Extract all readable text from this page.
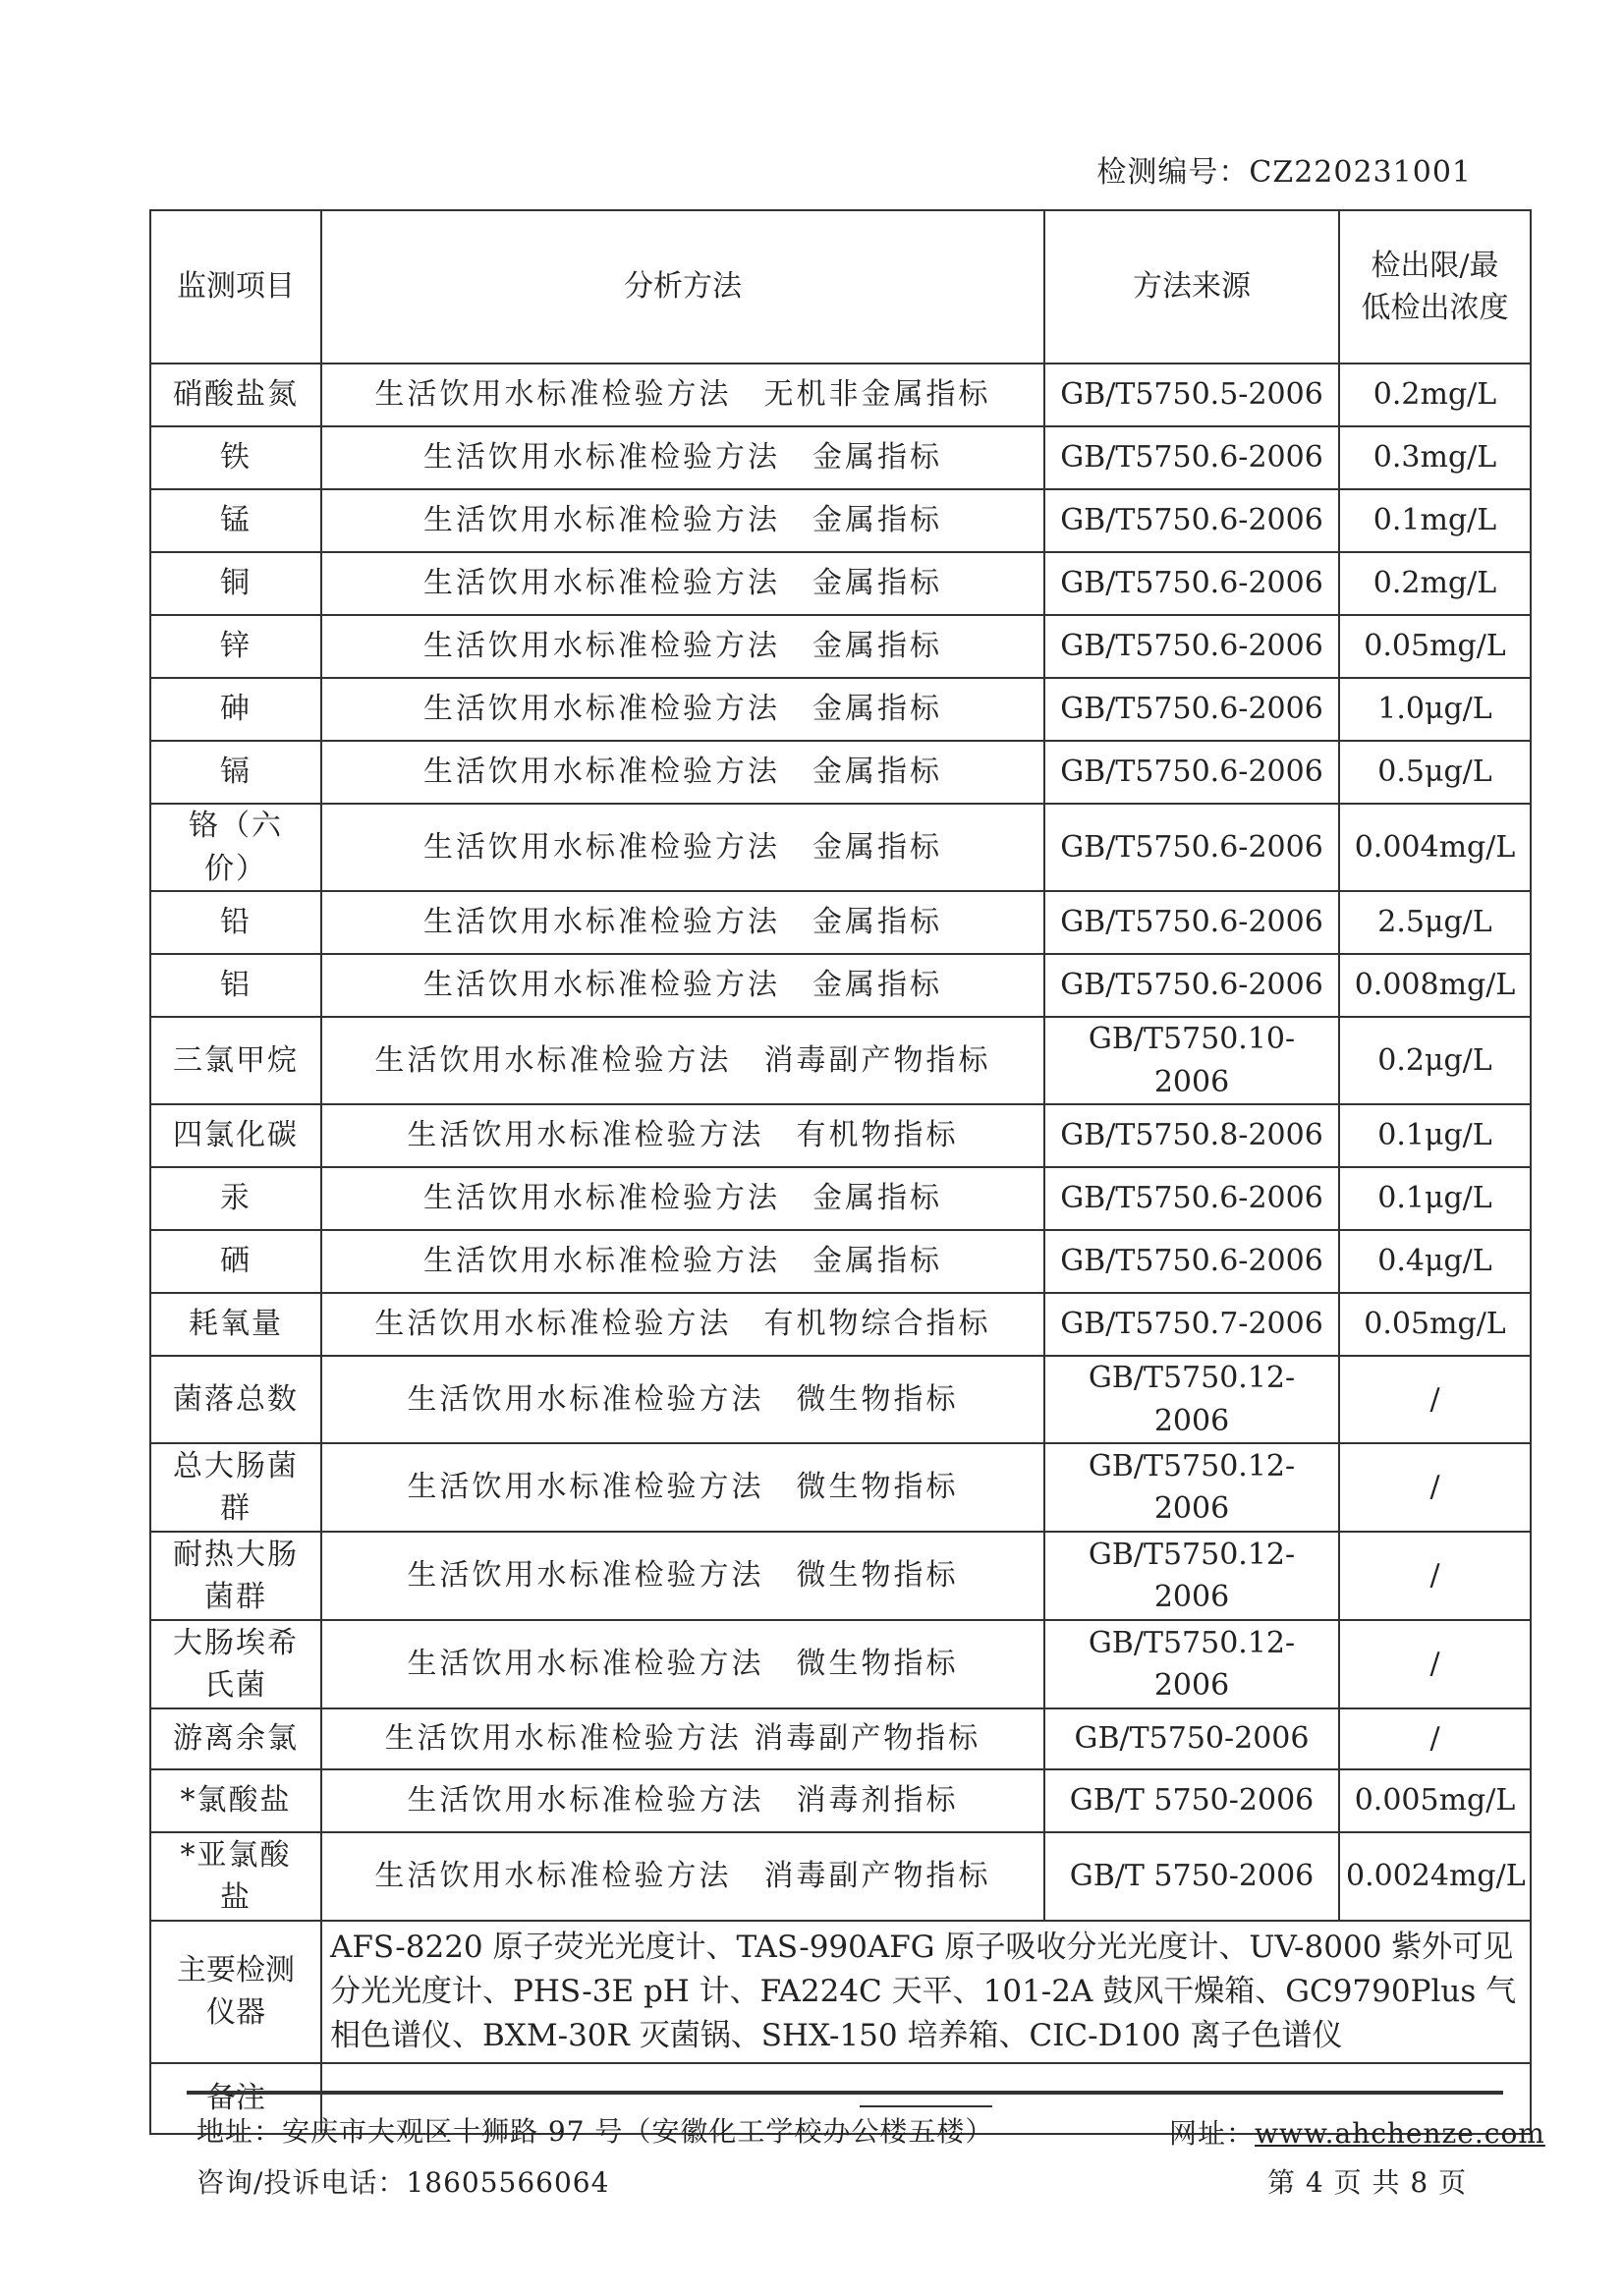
检测编号：CZ220231001
监测项目	分析方法	方法来源	检出限/最低检出浓度
硝酸盐氮	生活饮用水标准检验方法　无机非金属指标	GB/T5750.5-2006	0.2mg/L
铁	生活饮用水标准检验方法　金属指标	GB/T5750.6-2006	0.3mg/L
锰	生活饮用水标准检验方法　金属指标	GB/T5750.6-2006	0.1mg/L
铜	生活饮用水标准检验方法　金属指标	GB/T5750.6-2006	0.2mg/L
锌	生活饮用水标准检验方法　金属指标	GB/T5750.6-2006	0.05mg/L
砷	生活饮用水标准检验方法　金属指标	GB/T5750.6-2006	1.0μg/L
镉	生活饮用水标准检验方法　金属指标	GB/T5750.6-2006	0.5μg/L
铬（六价）	生活饮用水标准检验方法　金属指标	GB/T5750.6-2006	0.004mg/L
铅	生活饮用水标准检验方法　金属指标	GB/T5750.6-2006	2.5μg/L
铝	生活饮用水标准检验方法　金属指标	GB/T5750.6-2006	0.008mg/L
三氯甲烷	生活饮用水标准检验方法　消毒副产物指标	GB/T5750.10-2006	0.2μg/L
四氯化碳	生活饮用水标准检验方法　有机物指标	GB/T5750.8-2006	0.1μg/L
汞	生活饮用水标准检验方法　金属指标	GB/T5750.6-2006	0.1μg/L
硒	生活饮用水标准检验方法　金属指标	GB/T5750.6-2006	0.4μg/L
耗氧量	生活饮用水标准检验方法　有机物综合指标	GB/T5750.7-2006	0.05mg/L
菌落总数	生活饮用水标准检验方法　微生物指标	GB/T5750.12-2006	/
总大肠菌群	生活饮用水标准检验方法　微生物指标	GB/T5750.12-2006	/
耐热大肠菌群	生活饮用水标准检验方法　微生物指标	GB/T5750.12-2006	/
大肠埃希氏菌	生活饮用水标准检验方法　微生物指标	GB/T5750.12-2006	/
游离余氯	生活饮用水标准检验方法 消毒副产物指标	GB/T5750-2006	/
*氯酸盐	生活饮用水标准检验方法　消毒剂指标	GB/T 5750-2006	0.005mg/L
*亚氯酸盐	生活饮用水标准检验方法　消毒副产物指标	GB/T 5750-2006	0.0024mg/L
主要检测仪器	AFS-8220 原子荧光光度计、TAS-990AFG 原子吸收分光光度计、UV-8000 紫外可见分光光度计、PHS-3E pH 计、FA224C 天平、101-2A 鼓风干燥箱、GC9790Plus 气相色谱仪、BXM-30R 灭菌锅、SHX-150 培养箱、CIC-D100 离子色谱仪		
备注			
地址：安庆市大观区十狮路 97 号（安徽化工学校办公楼五楼）	网址：www.ahchenze.com
咨询/投诉电话：18605566064	第 4 页 共 8 页
